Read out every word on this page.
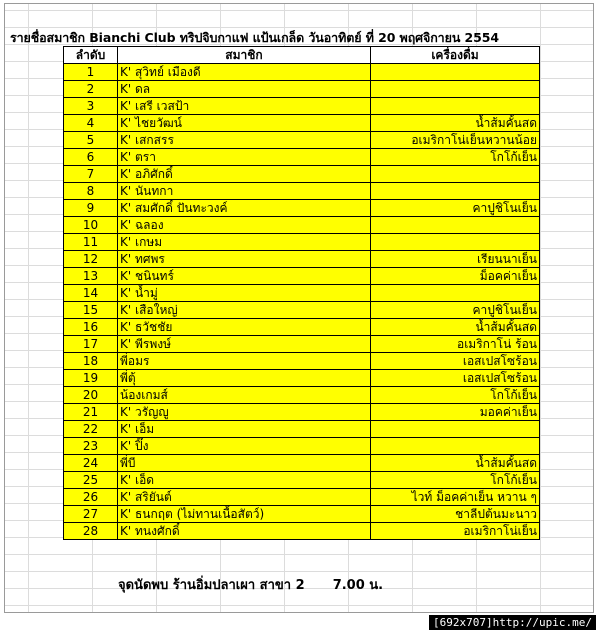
รายชื่อสมาชิก Bianchi Club ทริปจิบกาแฟ แป้นเกล็ด วันอาทิตย์ ที่ 20 พฤศจิกายน 2554
ลำดับ	สมาชิก	เครื่องดื่ม
1	K' สุวิทย์ เมืองดี	
2	K' ดล	
3	K' เสรี เวสป้า	
4	K' ไชยวัฒน์	น้ำส้มคั้นสด
5	K' เสกสรร	อเมริกาโน่เย็นหวานน้อย
6	K' ตรา	โกโก้เย็น
7	K' อภิศักดิ์	
8	K' นันทกา	
9	K' สมศักดิ์ ปันทะวงค์	คาปูชิโนเย็น
10	K' ฉลอง	
11	K' เกษม	
12	K' ทศพร	เรียนนาเย็น
13	K' ชนินทร์	ม็อคค่าเย็น
14	K' น้ำมู่	
15	K' เสือใหญ่	คาปูชิโนเย็น
16	K' ธวัชชัย	น้ำส้มคั้นสด
17	K' พีรพงษ์	อเมริกาโน่ ร้อน
18	พี่อมร	เอสเปสโซร้อน
19	พี่ตุ้	เอสเปสโซร้อน
20	น้องเกมส์	โกโก้เย็น
21	K' วรัญญู	มอคค่าเย็น
22	K' เอ็ม	
23	K' ปิ๊ง	
24	พี่บี	น้ำส้มคั้นสด
25	K' เอ็ด	โกโก้เย็น
26	K' สริยันต์	ไวท์ ม็อคค่าเย็น หวาน ๆ
27	K' ธนกฤต (ไม่ทานเนื้อสัตว์)	ชาลีปต้นมะนาว
28	K' ทนงศักดิ์	อเมริกาโน่เย็น
จุดนัดพบ ร้านอิ่มปลาเผา สาขา 2 7.00 น.
[692x707]http://upic.me/
